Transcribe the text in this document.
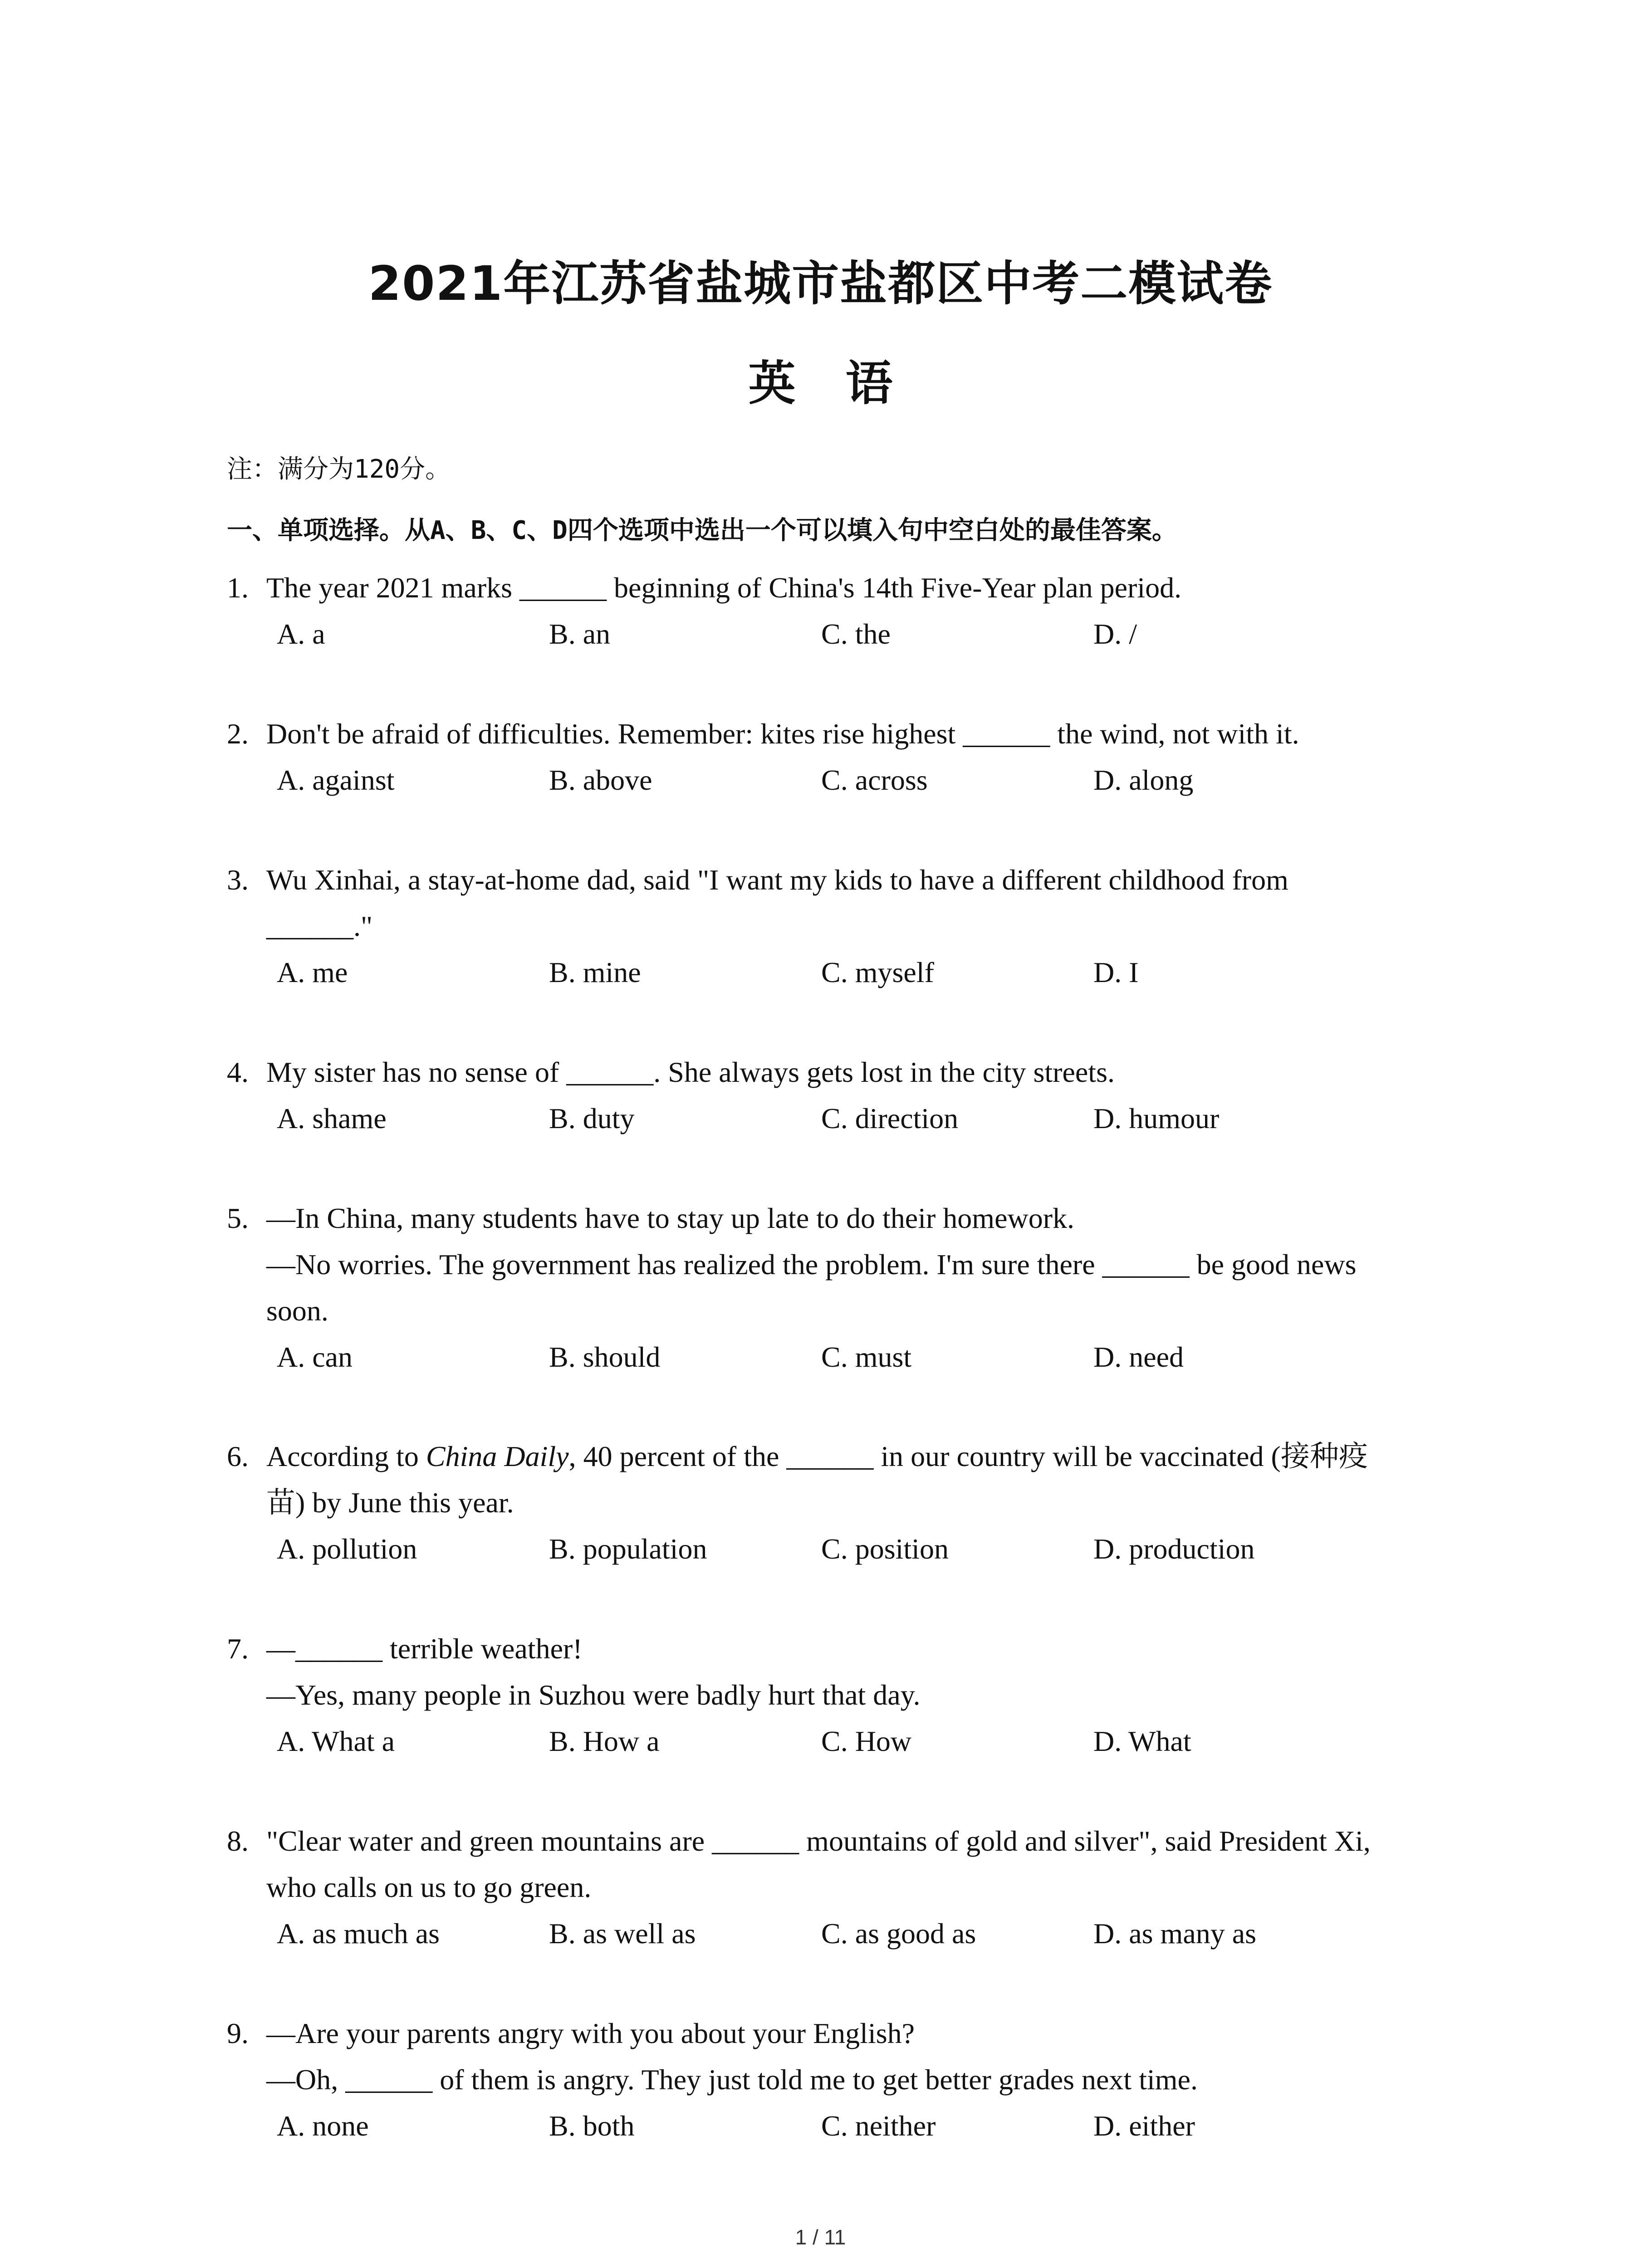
2021年江苏省盐城市盐都区中考二模试卷
英 语
注：满分为120分。
一、单项选择。从A、B、C、D四个选项中选出一个可以填入句中空白处的最佳答案。
1. The year 2021 marks ______ beginning of China's 14th Five-Year plan period.
A. a	B. an	C. the	D. /
2. Don't be afraid of difficulties. Remember: kites rise highest ______ the wind, not with it.
A. against	B. above	C. across	D. along
3. Wu Xinhai, a stay-at-home dad, said "I want my kids to have a different childhood from
______."
A. me	B. mine	C. myself	D. I
4. My sister has no sense of ______. She always gets lost in the city streets.
A. shame	B. duty	C. direction	D. humour
5. —In China, many students have to stay up late to do their homework.
—No worries. The government has realized the problem. I'm sure there ______ be good news
soon.
A. can	B. should	C. must	D. need
6. According to China Daily, 40 percent of the ______ in our country will be vaccinated (接种疫
苗) by June this year.
A. pollution	B. population	C. position	D. production
7. —______ terrible weather!
—Yes, many people in Suzhou were badly hurt that day.
A. What a	B. How a	C. How	D. What
8. "Clear water and green mountains are ______ mountains of gold and silver", said President Xi,
who calls on us to go green.
A. as much as	B. as well as	C. as good as	D. as many as
9. —Are your parents angry with you about your English?
—Oh, ______ of them is angry. They just told me to get better grades next time.
A. none	B. both	C. neither	D. either
1 / 11
